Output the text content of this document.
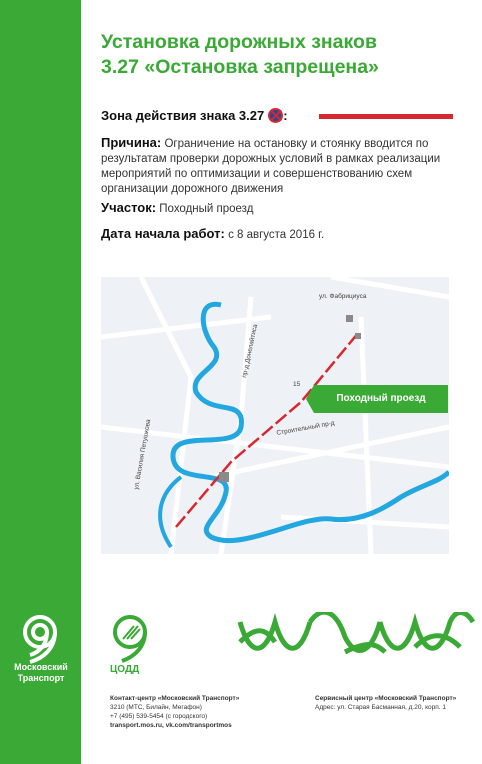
Московский Транспорт
Установка дорожных знаков
3.27 «Остановка запрещена»
Зона действия знака 3.27 :
Причина: Ограничение на остановку и стоянку вводится по результатам проверки дорожных условий в рамках реализации мероприятий по оптимизации и совершенствованию схем организации дорожного движения
Участок: Походный проезд
Дата начала работ: с 8 августа 2016 г.
ул. Фабрициуса
пр-д Донелайтиса
ул. Василия Петушкова	Строительный пр-д
15
Походный проезд
ЦОДД
Контакт-центр «Московский Транспорт»
3210 (МТС, Билайн, Мегафон)
+7 (495) 539-5454 (с городского)
transport.mos.ru, vk.com/transportmos
Сервисный центр «Московский Транспорт»
Адрес: ул. Старая Басманная, д.20, корп. 1
